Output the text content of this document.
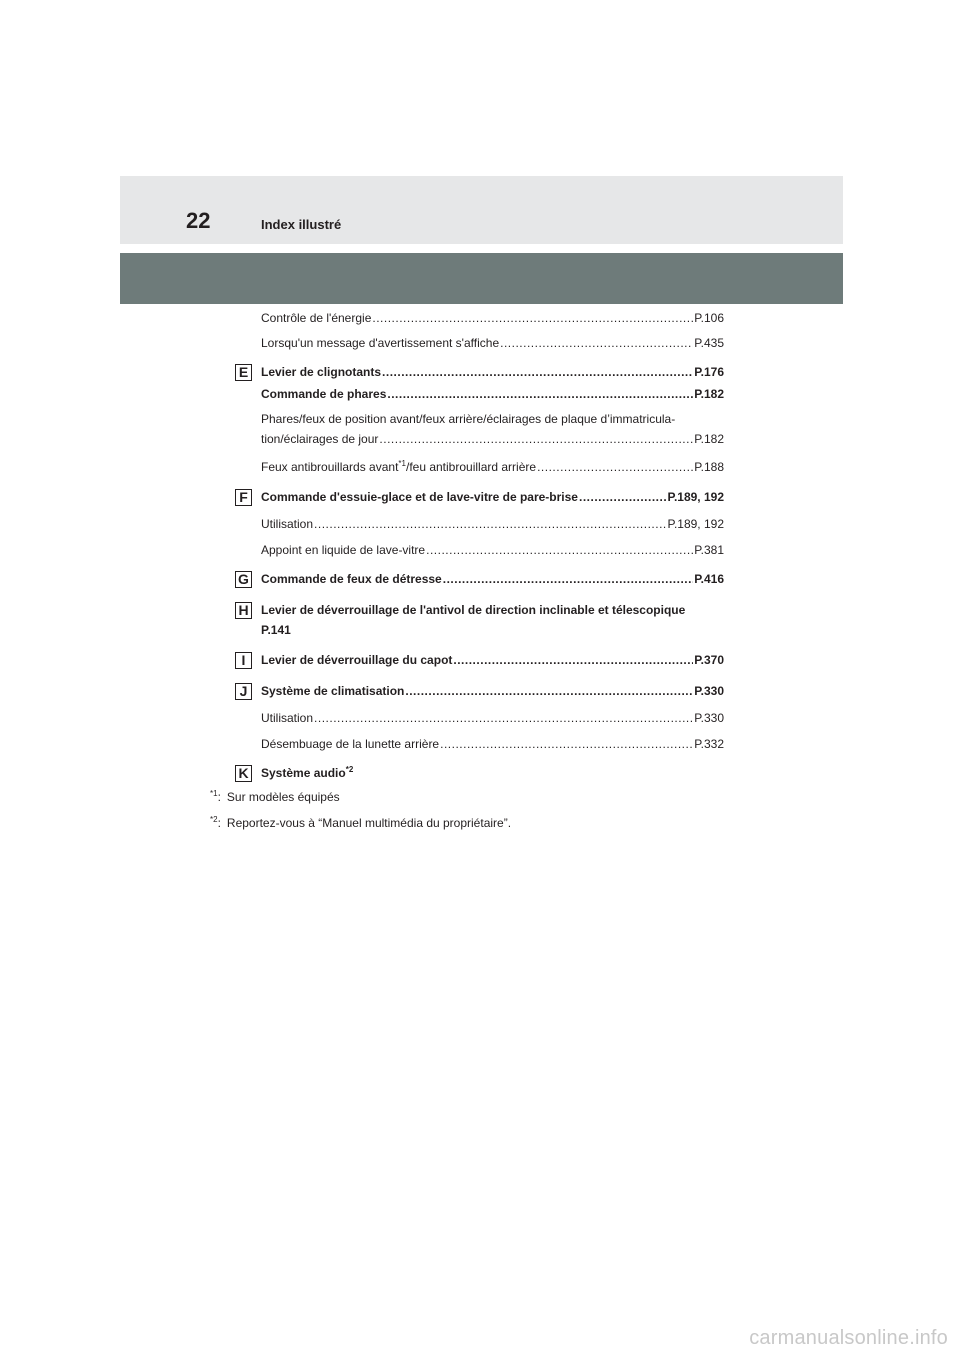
22	Index illustré
Contrôle de l'énergie .....	P.106
Lorsqu'un message d'avertissement s'affiche .....	P.435
E	Levier de clignotants .....	P.176
Commande de phares .....	P.182
Phares/feux de position avant/feux arrière/éclairages de plaque d’immatricula-
tion/éclairages de jour .....	P.182
Feux antibrouillards avant$^{*1}$/feu antibrouillard arrière .....	P.188
F	Commande d'essuie-glace et de lave-vitre de pare-brise .....	P.189, 192
Utilisation .....	P.189, 192
Appoint en liquide de lave-vitre .....	P.381
G Commande de feux de détresse .....	P.416
H Levier de déverrouillage de l'antivol de direction inclinable et télescopique
P.141
I	Levier de déverrouillage du capot .....	P.370
J	Système de climatisation .....	P.330
Utilisation .....	P.330
Désembuage de la lunette arrière .....	P.332
K Système audio$^{*2}$
$^{*1}$: Sur modèles équipés
$^{*2}$: Reportez-vous à “Manuel multimédia du propriétaire”.
carmanualsonline.info
